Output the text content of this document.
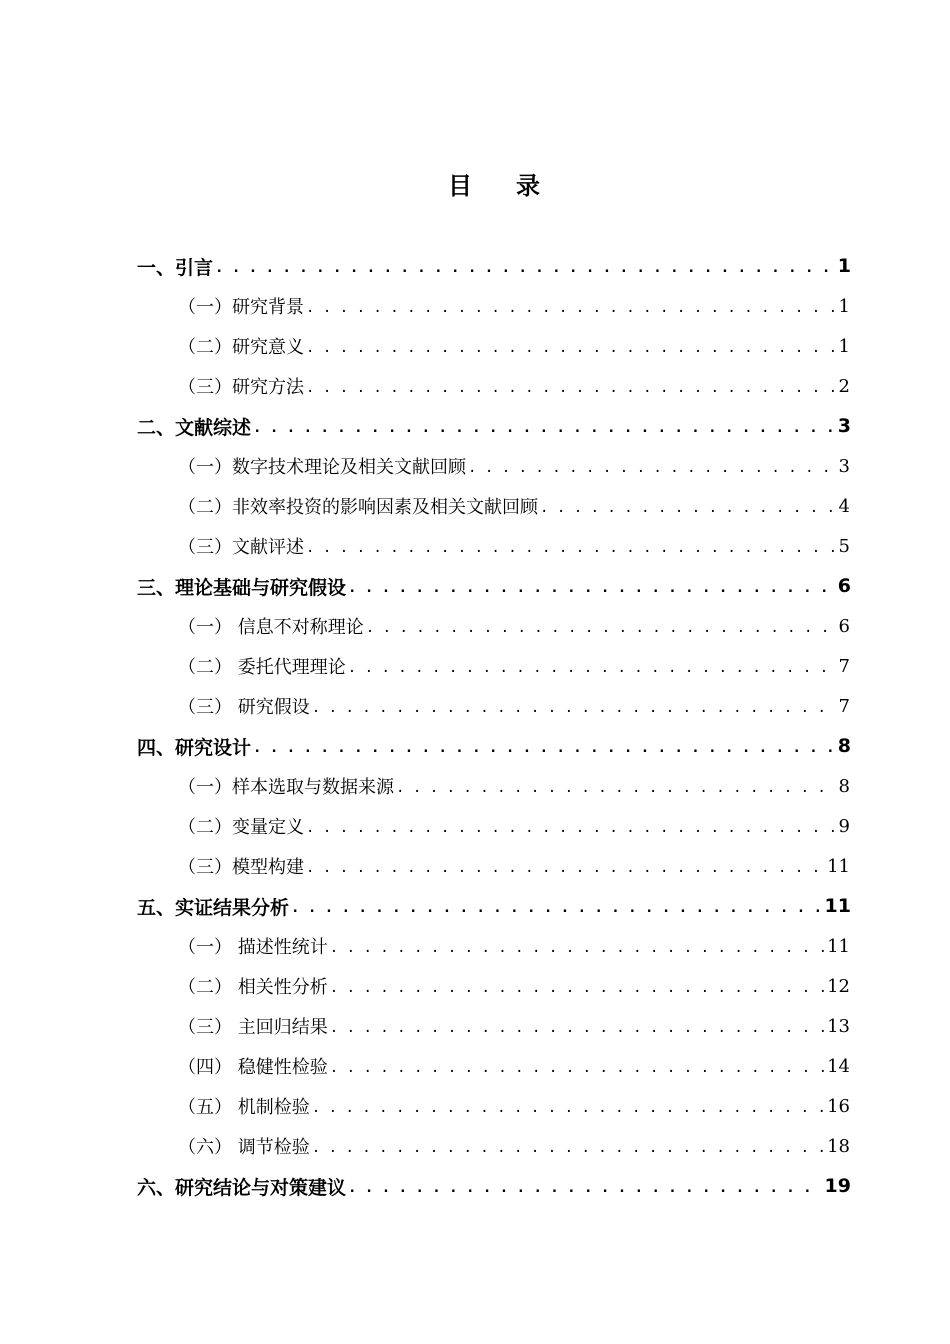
目 录
一、引言 . . .	1
（一）研究背景 . . .	1
（二）研究意义 . . .	1
（三）研究方法 . . .	2
二、文献综述 . . .	3
（一）数字技术理论及相关文献回顾 . . .	3
（二）非效率投资的影响因素及相关文献回顾 . . .	4
（三）文献评述 . . .	5
三、理论基础与研究假设 . . .	6
（一） 信息不对称理论 . . .	6
（二） 委托代理理论 . . .	7
（三） 研究假设 . . .	7
四、研究设计 . . .	8
（一）样本选取与数据来源 . . .	8
（二）变量定义 . . .	9
（三）模型构建 . . .	11
五、实证结果分析 . . .	11
（一） 描述性统计 . . .	11
（二） 相关性分析 . . .	12
（三） 主回归结果 . . .	13
（四） 稳健性检验 . . .	14
（五） 机制检验 . . .	16
（六） 调节检验 . . .	18
六、研究结论与对策建议 . . .	19
